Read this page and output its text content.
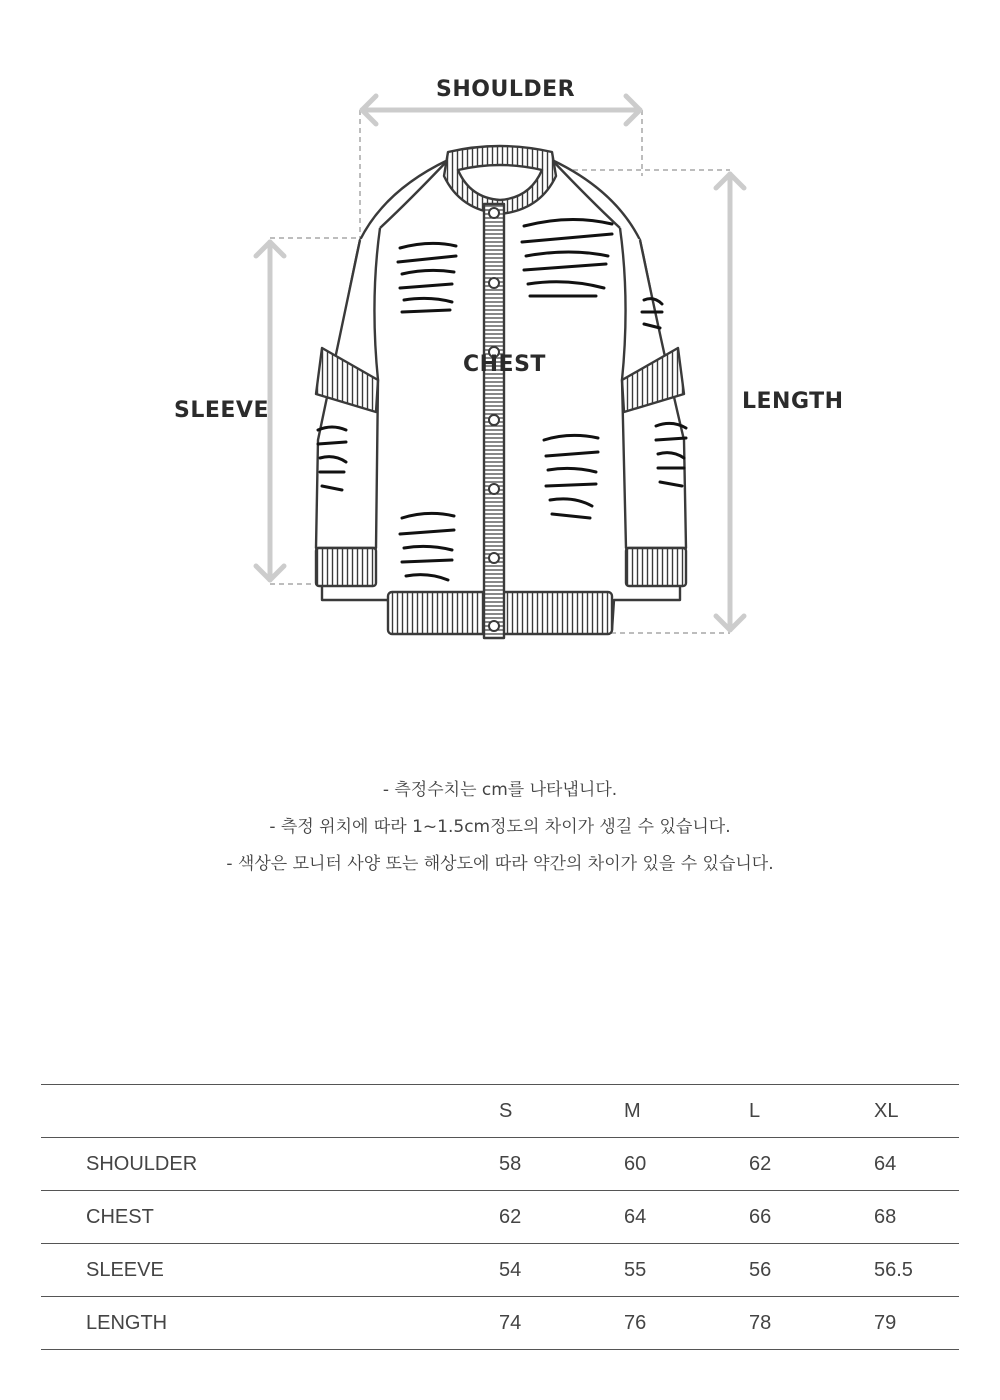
SHOULDER
CHEST
SLEEVE	LENGTH
- 측정수치는 cm를 나타냅니다.
- 측정 위치에 따라 1~1.5cm정도의 차이가 생길 수 있습니다.
- 색상은 모니터 사양 또는 해상도에 따라 약간의 차이가 있을 수 있습니다.
	S	M	L	XL
SHOULDER	58	60	62	64
CHEST	62	64	66	68
SLEEVE	54	55	56	56.5
LENGTH	74	76	78	79
